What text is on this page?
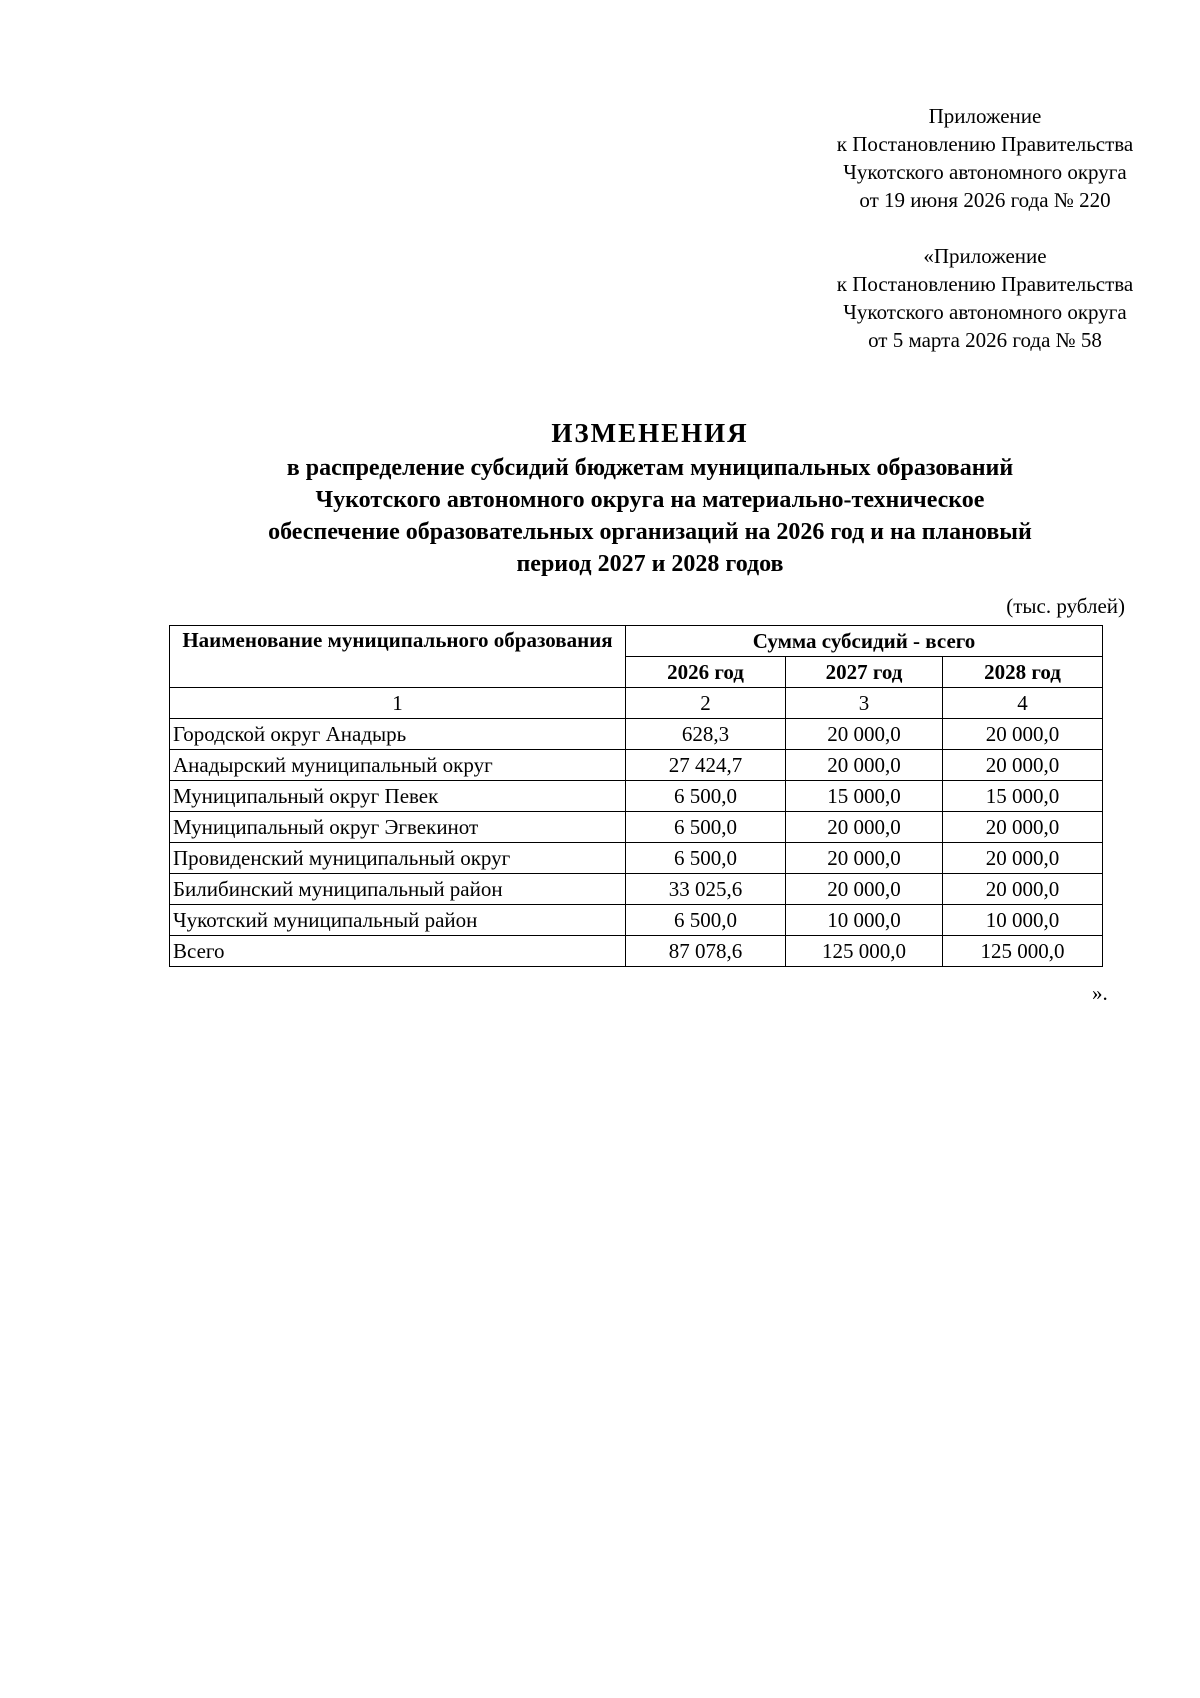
Приложение
к Постановлению Правительства
Чукотского автономного округа
от 19 июня 2026 года № 220
«Приложение
к Постановлению Правительства
Чукотского автономного округа
от 5 марта 2026 года № 58
ИЗМЕНЕНИЯ
в распределение субсидий бюджетам муниципальных образований
Чукотского автономного округа на материально-техническое
обеспечение образовательных организаций на 2026 год и на плановый
период 2027 и 2028 годов
(тыс. рублей)
Наименование муниципального образования	Сумма субсидий - всего		
	2026 год	2027 год	2028 год
1	2	3	4
Городской округ Анадырь	628,3	20 000,0	20 000,0
Анадырский муниципальный округ	27 424,7	20 000,0	20 000,0
Муниципальный округ Певек	6 500,0	15 000,0	15 000,0
Муниципальный округ Эгвекинот	6 500,0	20 000,0	20 000,0
Провиденский муниципальный округ	6 500,0	20 000,0	20 000,0
Билибинский муниципальный район	33 025,6	20 000,0	20 000,0
Чукотский муниципальный район	6 500,0	10 000,0	10 000,0
Всего	87 078,6	125 000,0	125 000,0
».
